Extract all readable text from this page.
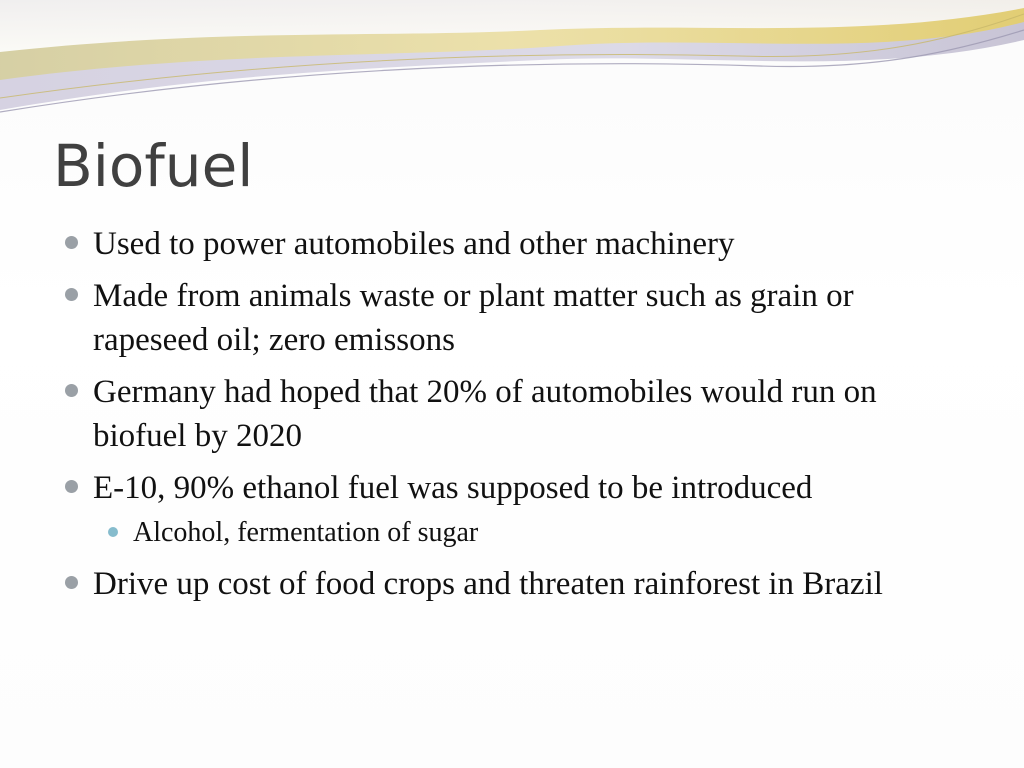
Biofuel
Used to power automobiles and other machinery
Made from animals waste or plant matter such as grain or rapeseed oil; zero emissons
Germany had hoped that 20% of automobiles would run on biofuel by 2020
E-10, 90% ethanol fuel was supposed to be introduced
Alcohol, fermentation of sugar
Drive up cost of food crops and threaten rainforest in Brazil
